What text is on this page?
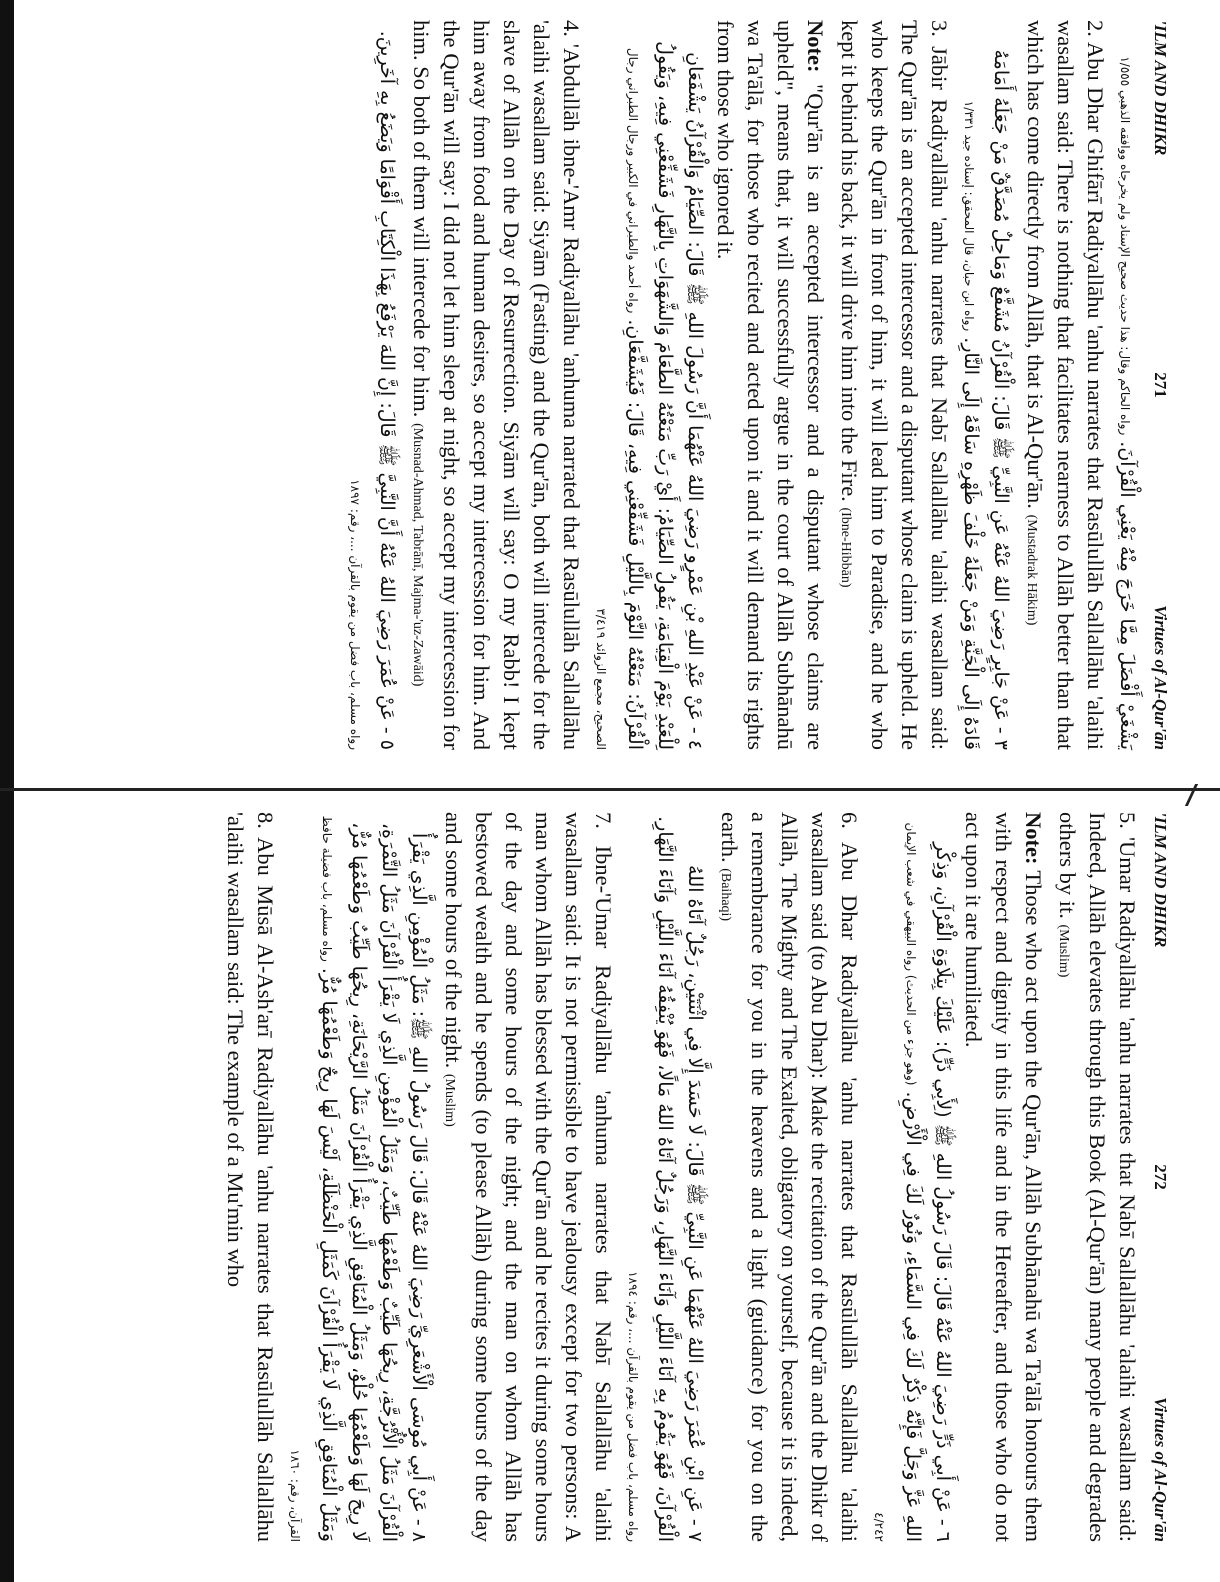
'ILM AND DHIKR
271
Virtues of Al-Qur'ān
يَشْغَيْ أَفْضَلَ مِمَّا خَرَجَ مِنْهُ يَعْنِي الْقُرْآنَ. رواه الحاكم وقال: هذا حديث صحيح الإسناد ولم يخرجاه ووافقه الذهبي ١/٥٥٥

2. Abu Dhar Ghifārī Radiyallāhu 'anhu narrates that Rasūlullāh Sallallāhu 'alaihi wasallam said: There is nothing that facilitates nearness to Allāh better than that which has come directly from Allāh, that is Al-Qur'ān. (Mustadrak Hākim)

٣ - عَنْ جَابِرٍ رَضِيَ اللهُ عَنْهُ عَنِ النَّبِيِّ ﷺ قَالَ: الْقُرْآنُ مُشَفَّعٌ وَمَاحِلٌ مُصَدَّقٌ مَنْ جَعَلَهُ أَمَامَهُ قَادَهُ إِلَى الْجَنَّةِ وَمَنْ جَعَلَهُ خَلْفَ ظَهْرِهِ سَاقَهُ إِلَى النَّارِ. رواه ابن حبان، قال المحقق: إسناده جيد ١/٣٣١

3. Jābir Radiyallāhu 'anhu narrates that Nabī Sallallāhu 'alaihi wasallam said: The Qur'ān is an accepted intercessor and a disputant whose claim is upheld. He who keeps the Qur'ān in front of him, it will lead him to Paradise, and he who kept it behind his back, it will drive him into the Fire. (Ibne-Hibbān)

Note: "Qur'ān is an accepted intercessor and a disputant whose claims are upheld", means that, it will successfully argue in the court of Allāh Subhānahū wa Ta'ālā, for those who recited and acted upon it and it will demand its rights from those who ignored it.

٤ - عَنْ عَبْدِ اللهِ بْنِ عَمْرٍو رَضِيَ اللهُ عَنْهُمَا أَنَّ رَسُولَ اللهِ ﷺ قَالَ: الصِّيَامُ وَالْقُرْآنُ يَشْفَعَانِ لِلْعَبْدِ يَوْمَ الْقِيَامَةِ، يَقُولُ الصِّيَامُ: أَيْ رَبِّ مَنَعْتُهُ الطَّعَامَ وَالشَّهَوَاتِ بِالنَّهَارِ فَشَفِّعْنِي فِيهِ، وَيَقُولُ الْقُرْآنُ: مَنَعْتُهُ النَّوْمَ بِاللَّيْلِ فَشَفِّعْنِي فِيهِ، قَالَ: فَيُشَفَّعَانِ. رواه أحمد والطبراني في الكبير ورجال الطبراني رجال الصحيح، مجمع الزوائد ٣/٤١٩

4. 'Abdullāh ibne-'Amr Radiyallāhu 'anhuma narrated that Rasūlullāh Sallallāhu 'alaihi wasallam said: Siyām (Fasting) and the Qur'ān, both will intercede for the slave of Allāh on the Day of Resurrection. Siyām will say: O my Rabb! I kept him away from food and human desires, so accept my intercession for him. And the Qur'ān will say: I did not let him sleep at night, so accept my intercession for him. So both of them will intercede for him. (Musnad-Ahmad, Tabrānī, Majma-'uz-Zawāid)

٥ - عَنْ عُمَرَ رَضِيَ اللهُ عَنْهُ أَنَّ النَّبِيَّ ﷺ قَالَ: إِنَّ اللهَ يَرْفَعُ بِهَذَا الْكِتَابِ أَقْوَامًا وَيَضَعُ بِهِ آخَرِينَ. رواه مسلم، باب فضل من يقوم بالقرآن ...، رقم: ١٨٩٧
'ILM AND DHIKR
272
Virtues of Al-Qur'ān

5. 'Umar Radiyallāhu 'anhu narrates that Nabī Sallallāhu 'alaihi wasallam said: Indeed, Allāh elevates through this Book (Al-Qur'ān) many people and degrades others by it. (Muslim)

Note: Those who act upon the Qur'ān, Allāh Subhānahū wa Ta'ālā honours them with respect and dignity in this life and in the Hereafter, and those who do not act upon it are humiliated.

٦ - عَنْ أَبِي ذَرٍّ رَضِيَ اللهُ عَنْهُ قَالَ: قَالَ رَسُولُ اللهِ ﷺ (لِأَبِي ذَرٍّ): عَلَيْكَ بِتِلَاوَةِ الْقُرْآنِ، وَذِكْرِ اللهِ عَزَّ وَجَلَّ فَإِنَّهُ ذِكْرٌ لَكَ فِي السَّمَاءِ، وَنُورٌ لَكَ فِي الْأَرْضِ. (وهو جزء من الحديث) رواه البيهقي في شعب الإيمان ٤/٢٤٢

6. Abu Dhar Radiyallāhu 'anhu narrates that Rasūlullāh Sallallāhu 'alaihi wasallam said (to Abu Dhar): Make the recitation of the Qur'ān and the Dhikr of Allāh, The Mighty and The Exalted, obligatory on yourself, because it is indeed, a remembrance for you in the heavens and a light (guidance) for you on the earth. (Baihaqi)

٧ - عَنِ ابْنِ عُمَرَ رَضِيَ اللهُ عَنْهُمَا عَنِ النَّبِيِّ ﷺ قَالَ: لَا حَسَدَ إِلَّا فِي اثْنَتَيْنِ، رَجُلٌ آتَاهُ اللهُ الْقُرْآنَ، فَهُوَ يَقُومُ بِهِ آنَاءَ اللَّيْلِ وَآنَاءَ النَّهَارِ، وَرَجُلٌ آتَاهُ اللهُ مَالًا، فَهُوَ يُنْفِقُهُ آنَاءَ اللَّيْلِ وَآنَاءَ النَّهَارِ. رواه مسلم، باب فضل من يقوم بالقرآن ...، رقم: ١٨٩٤

7. Ibne-'Umar Radiyallāhu 'anhuma narrates that Nabī Sallallāhu 'alaihi wasallam said: It is not permissible to have jealousy except for two persons: A man whom Allāh has blessed with the Qur'ān and he recites it during some hours of the day and some hours of the night; and the man on whom Allāh has bestowed wealth and he spends (to please Allāh) during some hours of the day and some hours of the night. (Muslim)

٨ - عَنْ أَبِي مُوسَى الْأَشْعَرِيِّ رَضِيَ اللهُ عَنْهُ قَالَ: قَالَ رَسُولُ اللهِ ﷺ: مَثَلُ الْمُؤْمِنِ الَّذِي يَقْرَأُ الْقُرْآنَ مَثَلُ الْأُتْرُجَّةِ، رِيحُهَا طَيِّبٌ وَطَعْمُهَا طَيِّبٌ، وَمَثَلُ الْمُؤْمِنِ الَّذِي لَا يَقْرَأُ الْقُرْآنَ مَثَلُ التَّمْرَةِ، لَا رِيحَ لَهَا وَطَعْمُهَا حُلْوٌ، وَمَثَلُ الْمُنَافِقِ الَّذِي يَقْرَأُ الْقُرْآنَ مَثَلُ الرَّيْحَانَةِ، رِيحُهَا طَيِّبٌ وَطَعْمُهَا مُرٌّ، وَمَثَلُ الْمُنَافِقِ الَّذِي لَا يَقْرَأُ الْقُرْآنَ كَمَثَلِ الْحَنْظَلَةِ، لَيْسَ لَهَا رِيحٌ وَطَعْمُهَا مُرٌّ. رواه مسلم، باب فضيلة حافظ القرآن، رقم: ١٨٦٠

8. Abu Mūsā Al-Ash'arī Radiyallāhu 'anhu narrates that Rasūlullāh Sallallāhu 'alaihi wasallam said: The example of a Mu'min who
